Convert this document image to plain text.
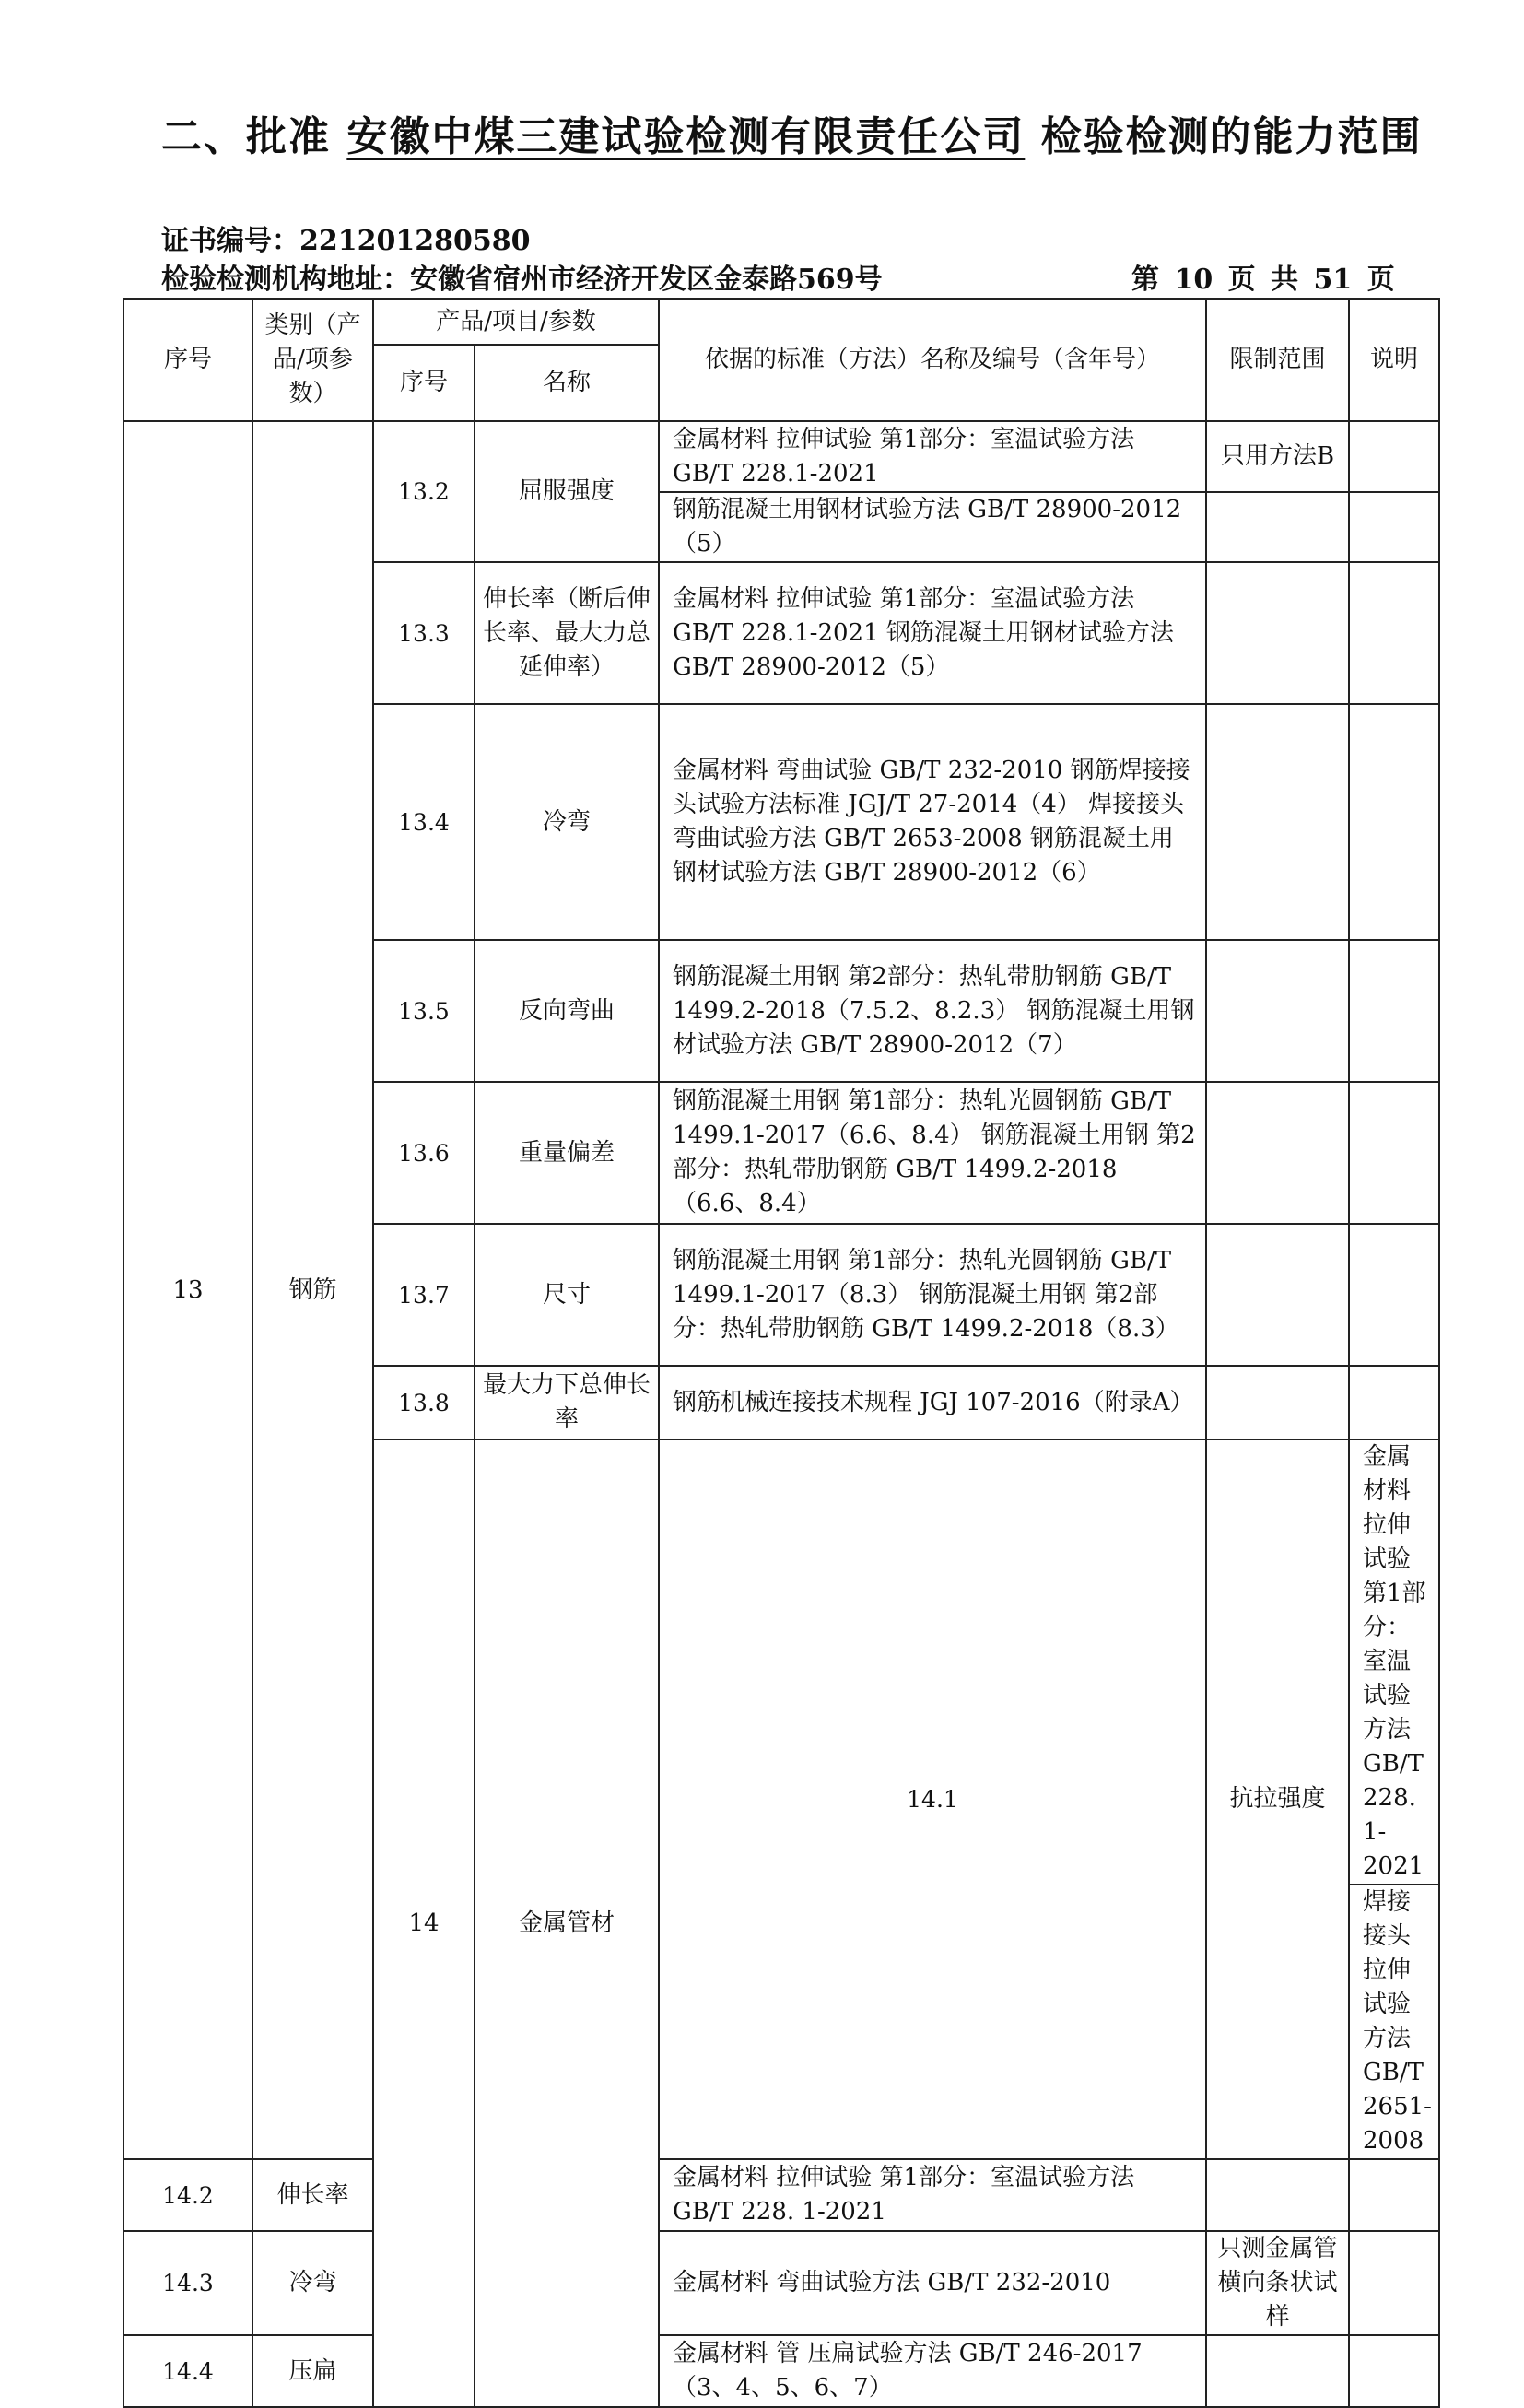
二、批准 安徽中煤三建试验检测有限责任公司 检验检测的能力范围
证书编号：221201280580
检验检测机构地址：安徽省宿州市经济开发区金泰路569号	第 10 页 共 51 页
序号	类别（产品/项参数）	产品/项目/参数		依据的标准（方法）名称及编号（含年号）	限制范围	说明	
		序号	名称				
13	钢筋	13.2	屈服强度	金属材料 拉伸试验 第1部分：室温试验方法 GB/T 228.1-2021	只用方法B		
				钢筋混凝土用钢材试验方法 GB/T 28900-2012（5）			
		13.3	伸长率（断后伸长率、最大力总延伸率）	金属材料 拉伸试验 第1部分：室温试验方法 GB/T 228.1-2021 钢筋混凝土用钢材试验方法 GB/T 28900-2012（5）			
		13.4	冷弯	金属材料 弯曲试验 GB/T 232-2010 钢筋焊接接头试验方法标准 JGJ/T 27-2014（4） 焊接接头弯曲试验方法 GB/T 2653-2008 钢筋混凝土用钢材试验方法 GB/T 28900-2012（6）			
		13.5	反向弯曲	钢筋混凝土用钢 第2部分：热轧带肋钢筋 GB/T 1499.2-2018（7.5.2、8.2.3） 钢筋混凝土用钢材试验方法 GB/T 28900-2012（7）			
		13.6	重量偏差	钢筋混凝土用钢 第1部分：热轧光圆钢筋 GB/T 1499.1-2017（6.6、8.4） 钢筋混凝土用钢 第2部分：热轧带肋钢筋 GB/T 1499.2-2018（6.6、8.4）			
		13.7	尺寸	钢筋混凝土用钢 第1部分：热轧光圆钢筋 GB/T 1499.1-2017（8.3） 钢筋混凝土用钢 第2部分：热轧带肋钢筋 GB/T 1499.2-2018（8.3）			
		13.8	最大力下总伸长率	钢筋机械连接技术规程 JGJ 107-2016（附录A）			
		14	金属管材	14.1	抗拉强度	金属材料 拉伸试验 第1部分：室温试验方法 GB/T 228. 1-2021		
						焊接接头拉伸试验方法 GB/T 2651-2008		
14.2	伸长率			金属材料 拉伸试验 第1部分：室温试验方法 GB/T 228. 1-2021			
14.3	冷弯			金属材料 弯曲试验方法 GB/T 232-2010	只测金属管横向条状试样		
14.4	压扁			金属材料 管 压扁试验方法 GB/T 246-2017（3、4、5、6、7）			
